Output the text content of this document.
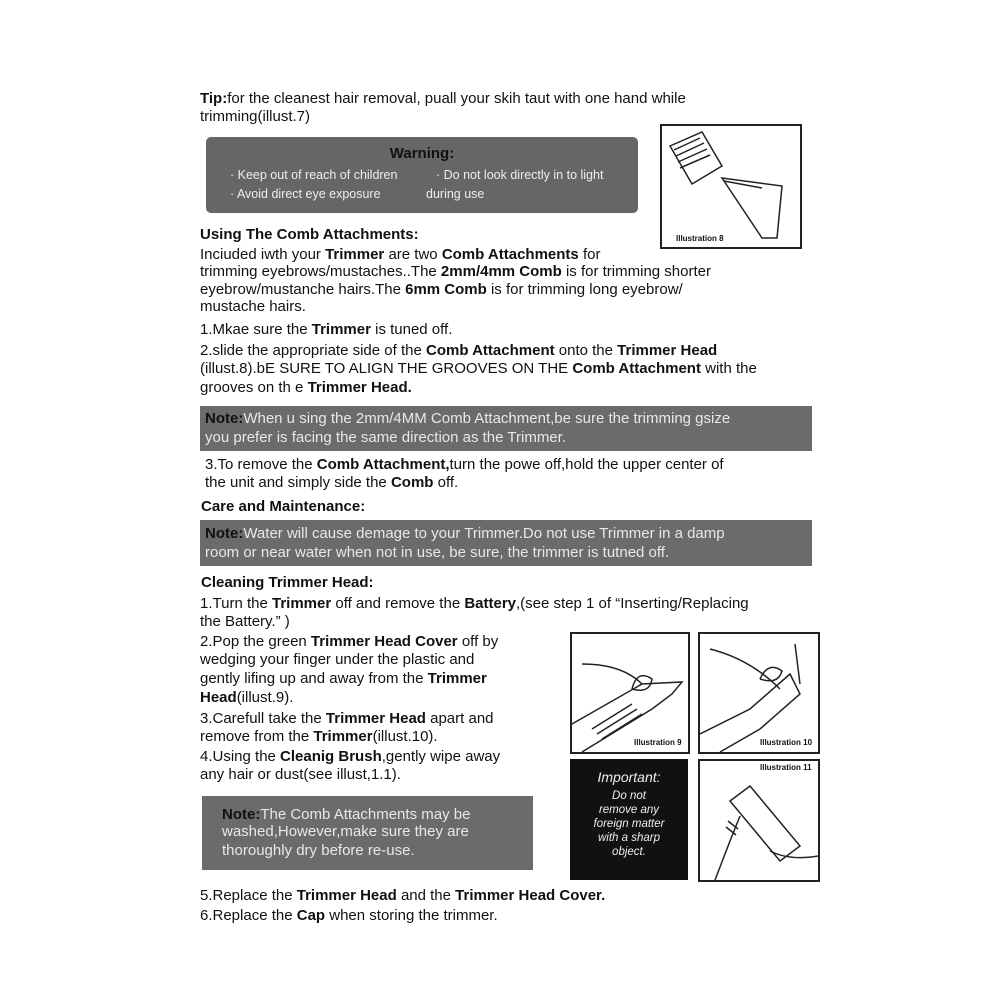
Tip:for the cleanest hair removal, puall your skih taut with one hand while
trimming(illust.7)
Warning:
· Keep out of reach of children	· Do not look directly in to light
· Avoid direct eye exposure	during use
Illustration 8
Using The Comb Attachments:
Inciuded iwth your Trimmer are two Comb Attachments for
trimming eyebrows/mustaches..The 2mm/4mm Comb is for trimming shorter
eyebrow/mustanche hairs.The 6mm Comb is for trimming long eyebrow/
mustache hairs.
1.Mkae sure the Trimmer is tuned off.
2.slide the appropriate side of the Comb Attachment onto the Trimmer Head
(illust.8).bE SURE TO ALIGN THE GROOVES ON THE Comb Attachment with the
grooves on th e Trimmer Head.
Note:When u sing the 2mm/4MM Comb Attachment,be sure the trimming gsize
you prefer is facing the same direction as the Trimmer.
3.To remove the Comb Attachment,turn the powe off,hold the upper center of
the unit and simply side the Comb off.
Care and Maintenance:
Note:Water will cause demage to your Trimmer.Do not use Trimmer in a damp
room or near water when not in use, be sure, the trimmer is tutned off.
Cleaning Trimmer Head:
1.Turn the Trimmer off and remove the Battery,(see step 1 of “Inserting/Replacing
the Battery.” )
2.Pop the green Trimmer Head Cover off by
wedging your finger under the plastic and
gently lifing up and away from the Trimmer
Head(illust.9).
3.Carefull take the Trimmer Head apart and
remove from the Trimmer(illust.10).
4.Using the Cleanig Brush,gently wipe away
any hair or dust(see illust,1.1).
Note:The Comb Attachments may be
washed,However,make sure they are
thoroughly dry before re-use.
Illustration 9	Illustration 10
Important:
Do not
remove any
foreign matter
with a sharp
object.
Illustration 11
5.Replace the Trimmer Head and the Trimmer Head Cover.
6.Replace the Cap when storing the trimmer.
